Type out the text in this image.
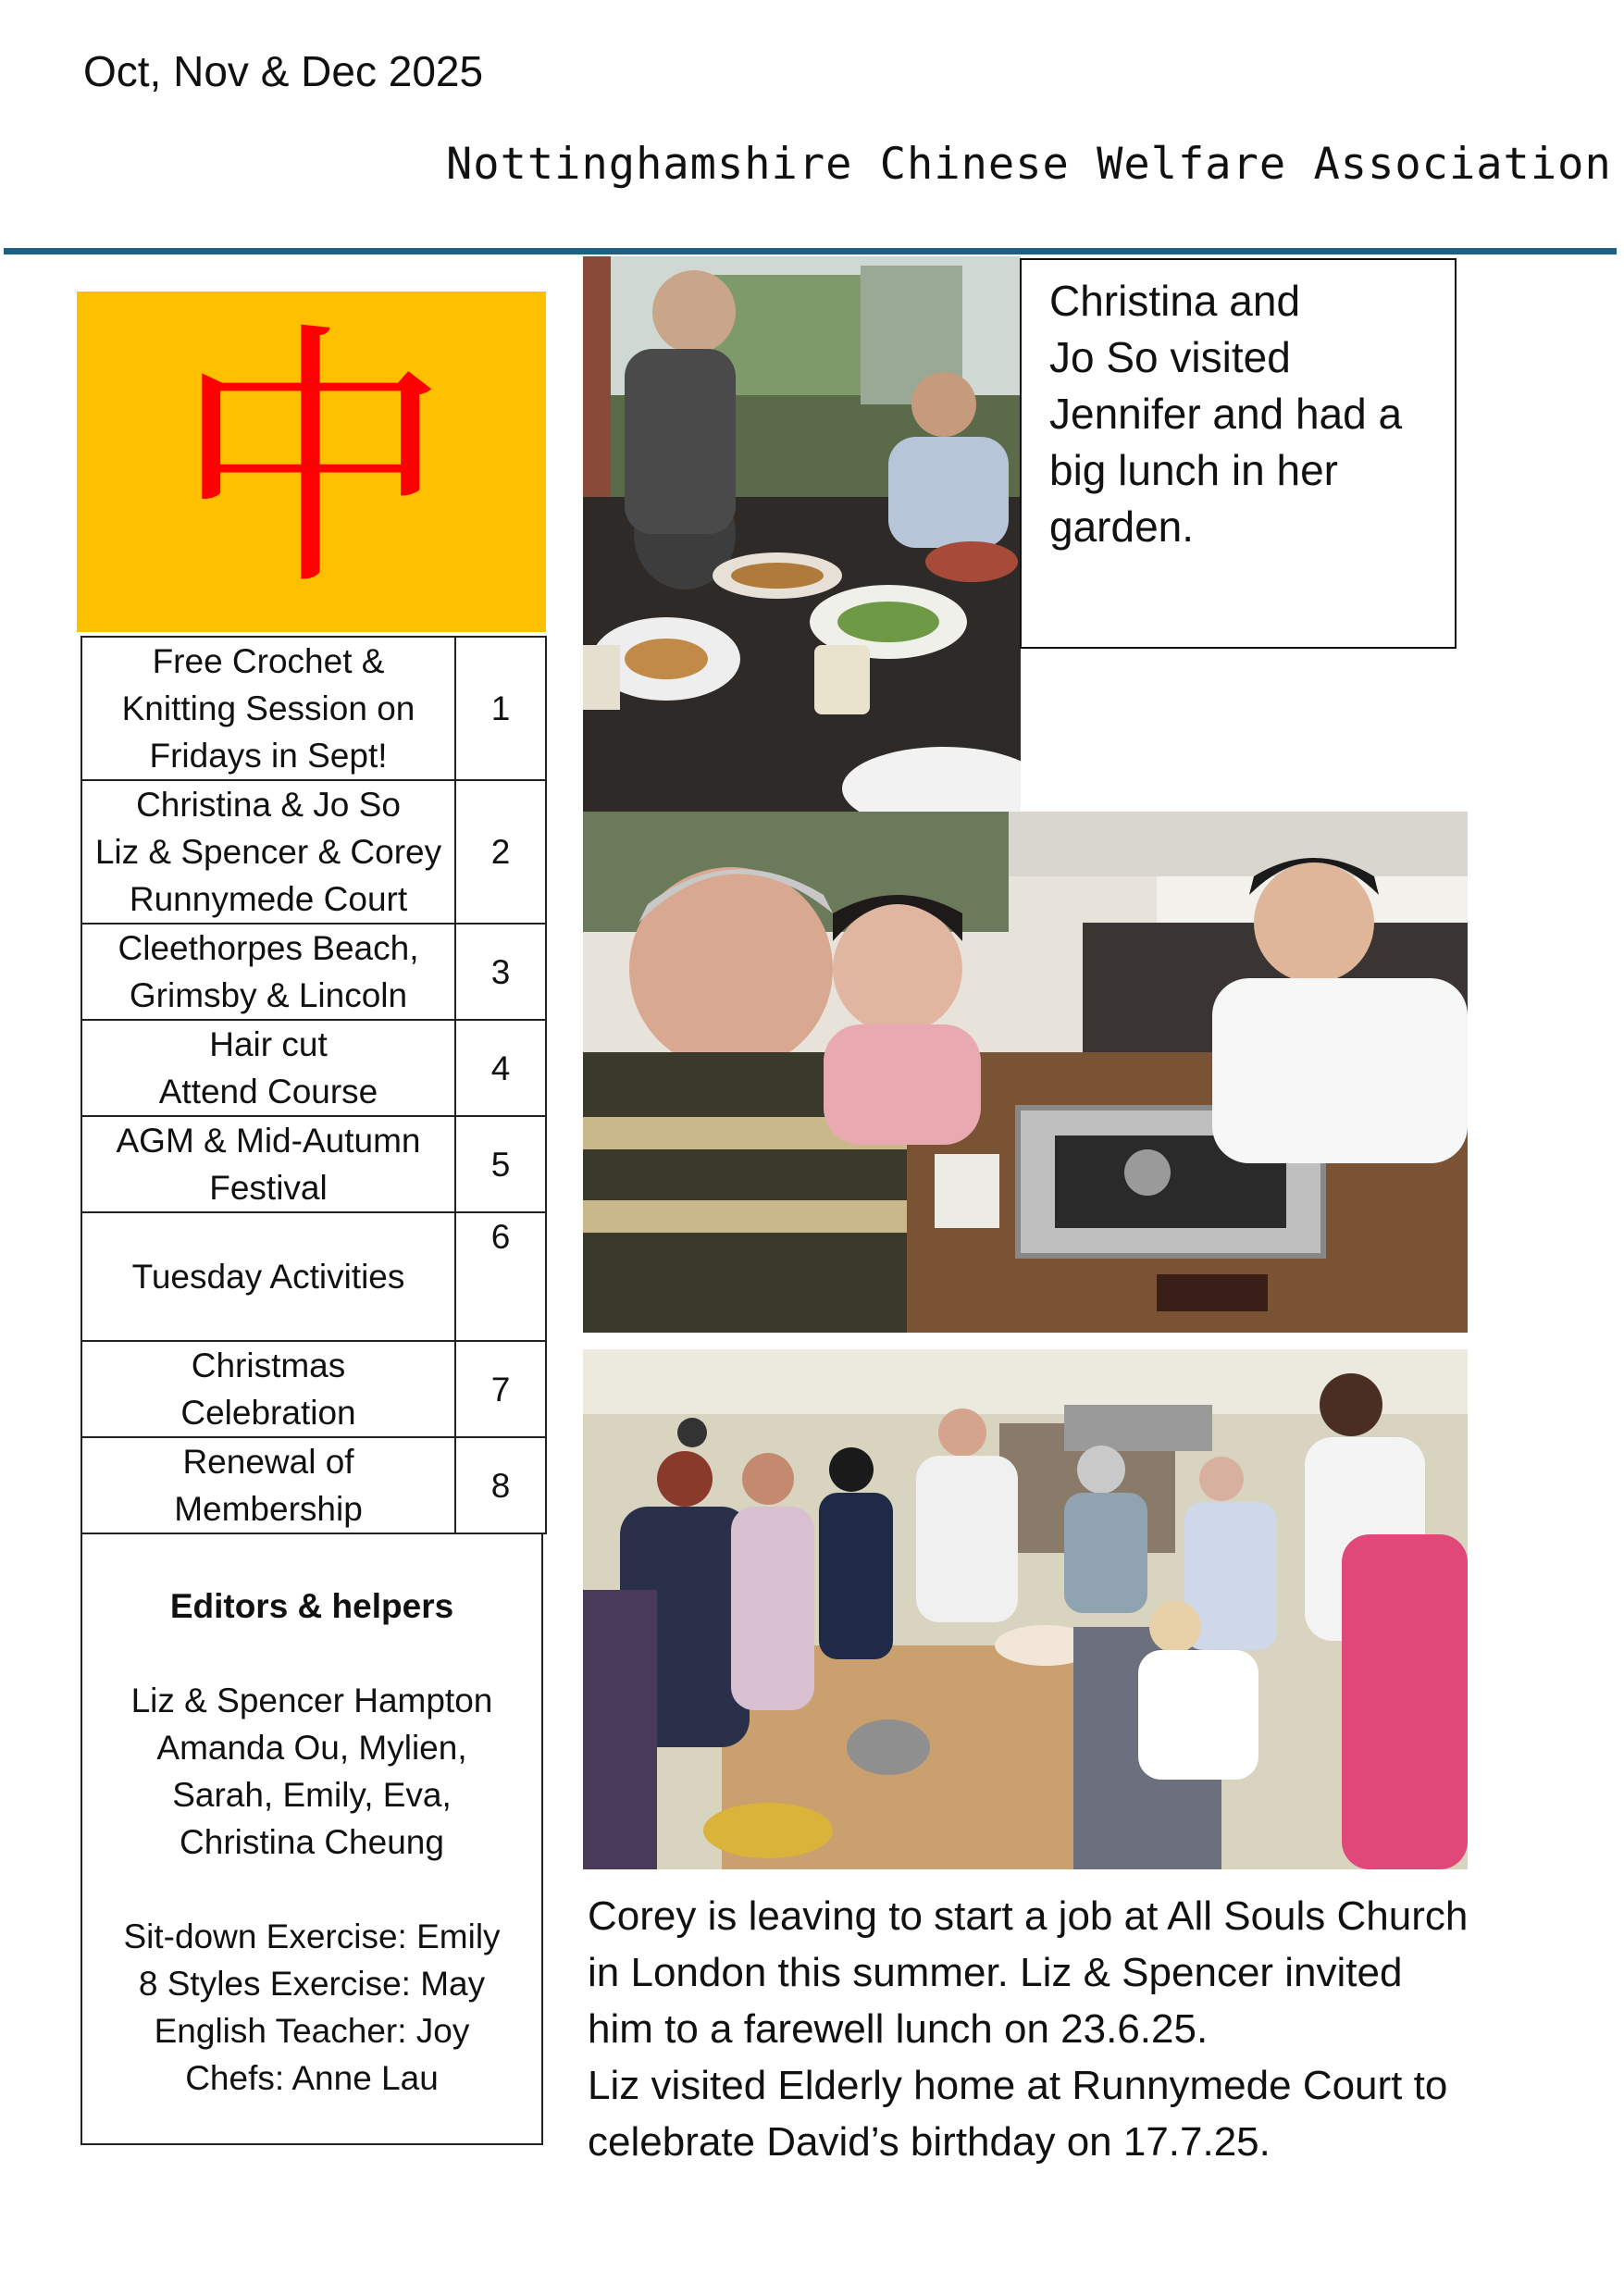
Oct, Nov & Dec 2025
Nottinghamshire Chinese Welfare Association
中
Free Crochet &
Knitting Session on
Fridays in Sept!	1

Christina & Jo So
Liz & Spencer & Corey
Runnymede Court	2

Cleethorpes Beach,
Grimsby & Lincoln	3

Hair cut
Attend Course	4

AGM & Mid-Autumn
Festival	5

Tuesday Activities	6

Christmas
Celebration	7

Renewal of
Membership	8
Editors & helpers
Liz & Spencer Hampton
Amanda Ou, Mylien,
Sarah, Emily, Eva,
Christina Cheung
Sit-down Exercise: Emily
8 Styles Exercise: May
English Teacher: Joy
Chefs: Anne Lau
Christina and
Jo So visited
Jennifer and had a
big lunch in her
garden.
Corey is leaving to start a job at All Souls Church
in London this summer. Liz & Spencer invited
him to a farewell lunch on 23.6.25.
Liz visited Elderly home at Runnymede Court to
celebrate David’s birthday on 17.7.25.
